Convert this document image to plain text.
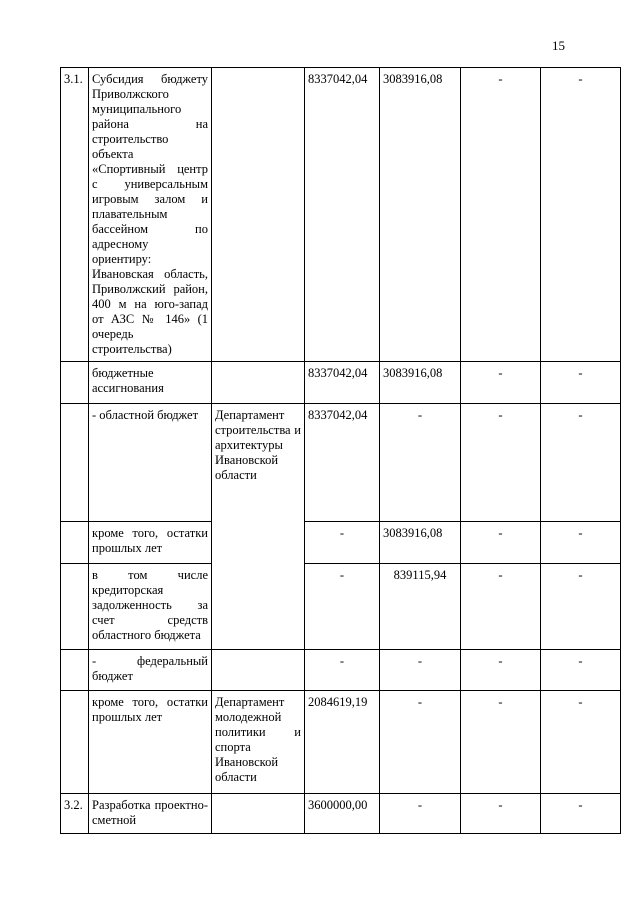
15
3.1.	Субсидия бюджету Приволжского муниципального района на строительство объекта «Спортивный центр с универсальным игровым залом и плавательным бассейном по адресному ориентиру: Ивановская область, Приволжский район, 400 м на юго-запад от АЗС № 146» (1 очередь строительства)		8337042,04	3083916,08	-	-
	бюджетные ассигнования		8337042,04	3083916,08	-	-
	- областной бюджет	Департамент строительства и архитектуры Ивановской области	8337042,04	-	-	-
	кроме того, остатки прошлых лет		-	3083916,08	-	-
	в том числе кредиторская задолженность за счет средств областного бюджета		-	839115,94	-	-
	- федеральный бюджет		-	-	-	-
	кроме того, остатки прошлых лет	Департамент молодежной политики и спорта Ивановской области	2084619,19	-	-	-
3.2.	Разработка проектно-сметной		3600000,00	-	-	-
